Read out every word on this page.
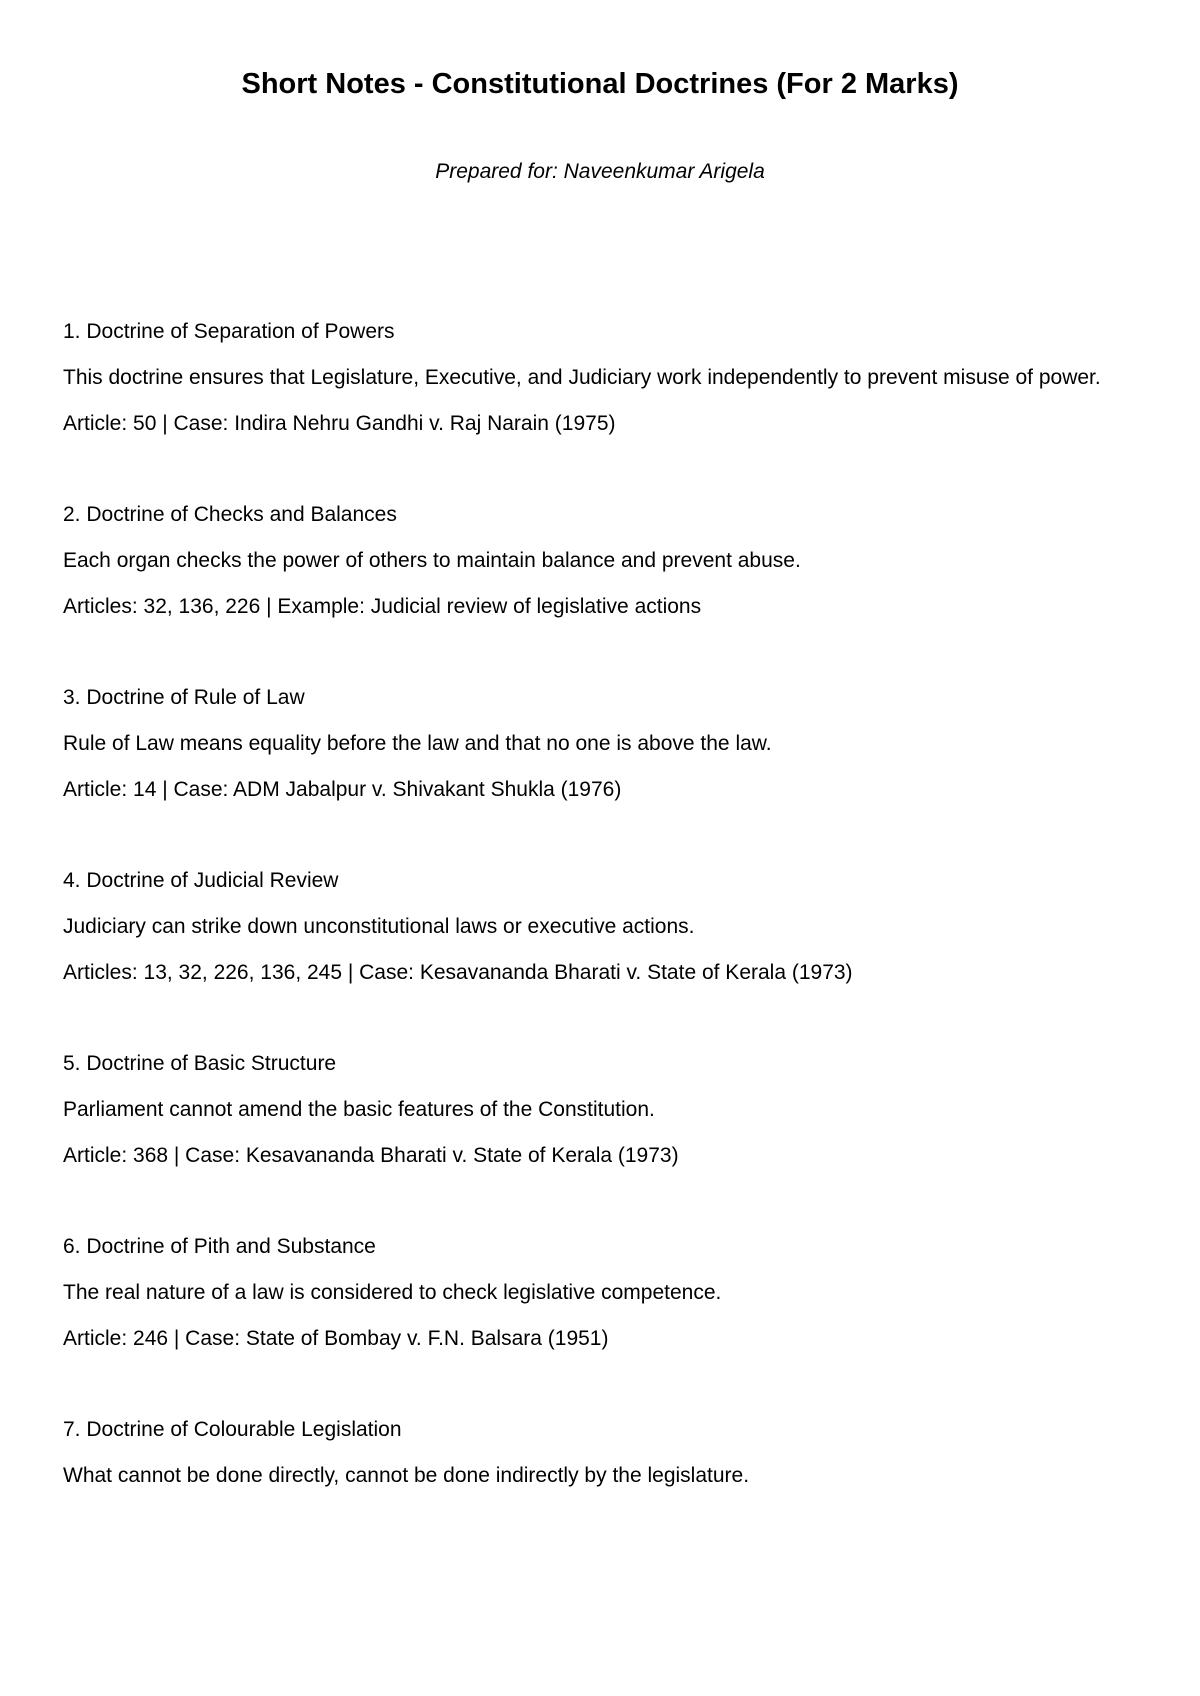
Short Notes - Constitutional Doctrines (For 2 Marks)

Prepared for: Naveenkumar Arigela

1. Doctrine of Separation of Powers
This doctrine ensures that Legislature, Executive, and Judiciary work independently to prevent misuse of power.
Article: 50 | Case: Indira Nehru Gandhi v. Raj Narain (1975)
2. Doctrine of Checks and Balances
Each organ checks the power of others to maintain balance and prevent abuse.
Articles: 32, 136, 226 | Example: Judicial review of legislative actions
3. Doctrine of Rule of Law
Rule of Law means equality before the law and that no one is above the law.
Article: 14 | Case: ADM Jabalpur v. Shivakant Shukla (1976)
4. Doctrine of Judicial Review
Judiciary can strike down unconstitutional laws or executive actions.
Articles: 13, 32, 226, 136, 245 | Case: Kesavananda Bharati v. State of Kerala (1973)
5. Doctrine of Basic Structure
Parliament cannot amend the basic features of the Constitution.
Article: 368 | Case: Kesavananda Bharati v. State of Kerala (1973)
6. Doctrine of Pith and Substance
The real nature of a law is considered to check legislative competence.
Article: 246 | Case: State of Bombay v. F.N. Balsara (1951)
7. Doctrine of Colourable Legislation
What cannot be done directly, cannot be done indirectly by the legislature.
